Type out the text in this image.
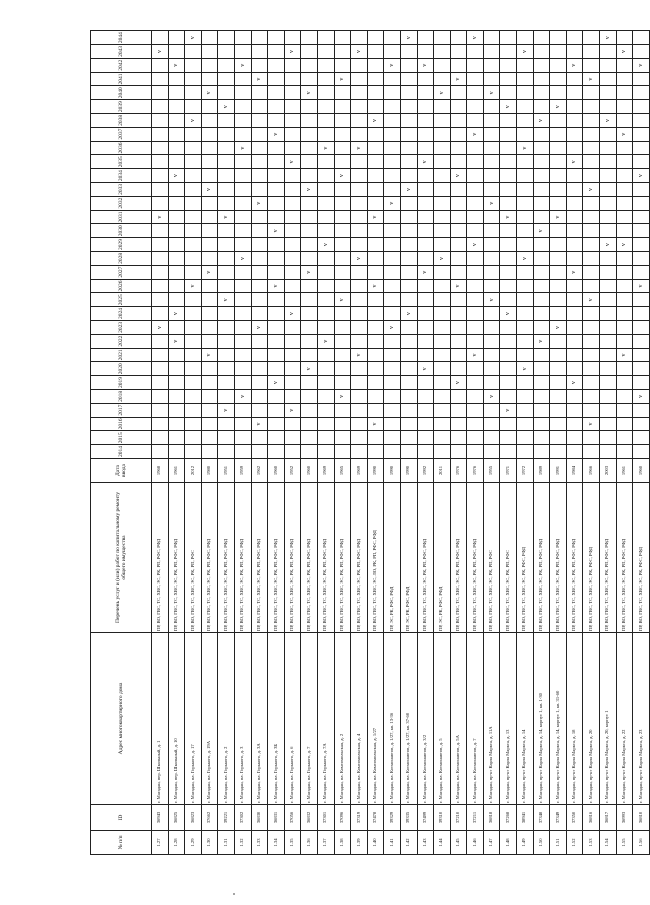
№ п/п	ID	Адрес многоквартирного дома	Перечень услуг и (или) работ по капитальному ремонту общего имущества	Дата ввода	2014	2015	2016	2017	2018	2019	2020	2021	2022	2023	2024	2025	2026	2027	2028	2029	2030	2031	2032	2033	2034	2035	2036	2037	2038	2039	2040	2041	2042	2043	2044
1.27	36943	г. Магадан, пер. Школьный, д. 1	ПР, ВО, ГВС, ТС, ХВС, ЭС, РК, РП, РФС, РФД	1968										v								v												v	
1.28	36825	г. Магадан, пер. Школьный, д. 10	ПР, ВО, ГВС, ТС, ХВС, ЭС, РК, РП, РФС, РФД	1961									v		v										v								v		
1.29	36823	г. Магадан, пл. Горького, д. 17	ПР, ВО, ГВС, ТС, ХВС, ЭС, РК, РП, РФС	2012													v												v						v
1.30	37662	г. Магадан, пл. Горького, д. 19А	ПР, ВО, ГВС, ТС, ХВС, ЭС, РК, РП, РФС, РФД	1980								v						v						v							v				
1.31	39221	г. Магадан, пл. Горького, д. 2	ПР, ВО, ГВС, ТС, ХВС, ЭС, РК, РП, РФС, РФД	1951				v								v						v								v					
1.32	37302	г. Магадан, пл. Горького, д. 3	ПР, ВО, ГВС, ТС, ХВС, ЭС, РК, РП, РФС, РФД	1959					v										v								v						v		
1.33	36830	г. Магадан, пл. Горького, д. 3А	ПР, ВО, ГВС, ТС, ХВС, ЭС, РК, РП, РФС, РФД	1962			v							v									v									v			
1.34	36831	г. Магадан, пл. Горького, д. 3Б	ПР, ВО, ГВС, ТС, ХВС, ЭС, РК, РП, РФС, РФД	1960						v							v				v							v							
1.35	37056	г. Магадан, пл. Горького, д. 6	ПР, ВО, ГВС, ТС, ХВС, ЭС, РК, РП, РФС, РФД	1952				v							v											v								v	
1.36	36832	г. Магадан, пл. Горького, д. 7	ПР, ВО, ГВС, ТС, ХВС, ЭС, РК, РП, РФС, РФД	1960							v							v						v							v				
1.37	37301	г. Магадан, пл. Горького, д. 7А	ПР, ВО, ГВС, ТС, ХВС, ЭС, РК, РП, РФС, РФД	1969									v							v							v								
1.38	37096	г. Магадан, пл. Комсомольская, д. 2	ПР, ВО, ГВС, ТС, ХВС, ЭС, РК, РП, РФС, РФД	1965					v							v									v							v			
1.39	37319	г. Магадан, пл. Комсомольская, д. 4	ПР, ВО, ГВС, ТС, ХВС, ЭС, РК, РП, РФС, РФД	1969								v							v								v							v	
1.40	37478	г. Магадан, пл. Комсомольская, д. 1/27	ПР, ВО, ГВС, ТС, ХВС, ЭС, ЛО, РК, РП, РФС, РФД	1990			v										v					v							v						
1.41	39329	г. Магадан, пл. Космонавтов, д. 1/27, кв. 13-36	ПР, ЭС, РК, РФС, РФД	1990										v									v										v		
1.42	39335	г. Магадан, пл. Космонавтов, д. 1/27, кв. 37-60	ПР, ЭС, РК, РФС, РФД	1990											v									v											v
1.43	37499	г. Магадан, пл. Космонавтов, д. 3/2	ПР, ВО, ГВС, ТС, ХВС, ЭС, РК, РП, РФС, РФД	1992							v							v								v							v		
1.44	39310	г. Магадан, пл. Космонавтов, д. 5	ПР, ЭС, РК, РФС, РФД	2011															v												v				
1.45	37210	г. Магадан, пл. Космонавтов, д. 5А	ПР, ВО, ГВС, ТС, ХВС, ЭС, РК, РП, РФС, РФД	1976						v							v								v							v			
1.46	37211	г. Магадан, пл. Космонавтов, д. 7	ПР, ВО, ГВС, ТС, ХВС, ЭС, РК, РП, РФС, РФД	1976								v								v								v							v
1.47	36818	г. Магадан, пр-кт Карла Маркса, д. 11А	ПР, ВО, ГВС, ТС, ХВС, ЭС, РК, РП, РФС	1955					v							v							v								v				
1.48	37268	г. Магадан, пр-кт Карла Маркса, д. 13	ПР, ВО, ГВС, ТС, ХВС, ЭС, РК, РП, РФС	1971				v							v							v								v					
1.49	38941	г. Магадан, пр-кт Карла Маркса, д. 14	ПР, ВО, ГВС, ТС, ХВС, ЭС, РК, РФС, РФД	1972							v								v								v							v	
1.50	37348	г. Магадан, пр-кт Карла Маркса, д. 14, корпус 1, кв. 1-30	ПР, ВО, ГВС, ТС, ХВС, ЭС, РК, РП, РФС, РФД	1989									v								v								v						
1.51	37349	г. Магадан, пр-кт Карла Маркса, д. 14, корпус 1, кв. 31-60	ПР, ВО, ГВС, ТС, ХВС, ЭС, РК, РП, РФС, РФД	1991										v								v								v					
1.52	37350	г. Магадан, пр-кт Карла Маркса, д. 18	ПР, ВО, ГВС, ТС, ХВС, ЭС, РК, РП, РФС, РФД	1984						v								v								v							v		
1.53	36816	г. Магадан, пр-кт Карла Маркса, д. 20	ПР, ВО, ГВС, ТС, ХВС, ЭС, РК, РФС, РФД	1966			v									v								v								v			
1.54	36817	г. Магадан, пр-кт Карла Маркса, д. 20, корпус 1	ПР, ВО, ГВС, ТС, ХВС, ЭС, РК, РП, РФС, РФД	2003																v									v						v
1.55	36993	г. Магадан, пр-кт Карла Маркса, д. 22	ПР, ВО, ГВС, ТС, ХВС, ЭС, РК, РП, РФС, РФД	1961								v								v								v						v	
1.56	36810	г. Магадан, пр-кт Карла Маркса, д. 23	ПР, ВО, ГВС, ТС, ХВС, ЭС, РК, РФС, РФД	1960					v								v								v								v		
